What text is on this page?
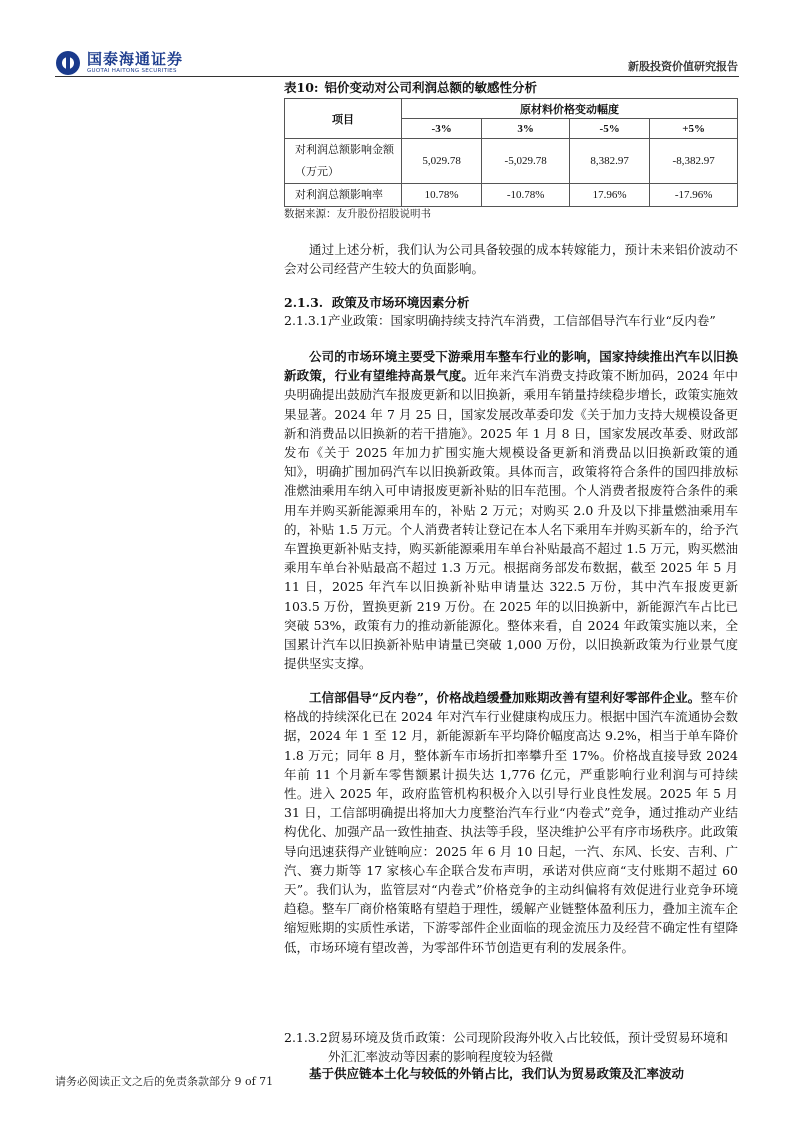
国泰海通证券
GUOTAI HAITONG SECURITIES	新股投资价值研究报告
表10: 铝价变动对公司利润总额的敏感性分析
项目	原材料价格变动幅度			
	-3%	3%	-5%	+5%
对利润总额影响金额（万元）	5,029.78	-5,029.78	8,382.97	-8,382.97
对利润总额影响率	10.78%	-10.78%	17.96%	-17.96%
数据来源：友升股份招股说明书
通过上述分析，我们认为公司具备较强的成本转嫁能力，预计未来铝价波动不会对公司经营产生较大的负面影响。
2.1.3. 政策及市场环境因素分析
2.1.3.1.
产业政策：国家明确持续支持汽车消费，工信部倡导汽车行业“反内卷”
公司的市场环境主要受下游乘用车整车行业的影响，国家持续推出汽车以旧换新政策，行业有望维持高景气度。近年来汽车消费支持政策不断加码，2024 年中央明确提出鼓励汽车报废更新和以旧换新，乘用车销量持续稳步增长，政策实施效果显著。2024 年 7 月 25 日，国家发展改革委印发《关于加力支持大规模设备更新和消费品以旧换新的若干措施》。2025 年 1 月 8 日，国家发展改革委、财政部发布《关于 2025 年加力扩围实施大规模设备更新和消费品以旧换新政策的通知》，明确扩围加码汽车以旧换新政策。具体而言，政策将符合条件的国四排放标准燃油乘用车纳入可申请报废更新补贴的旧车范围。个人消费者报废符合条件的乘用车并购买新能源乘用车的，补贴 2 万元；对购买 2.0 升及以下排量燃油乘用车的，补贴 1.5 万元。个人消费者转让登记在本人名下乘用车并购买新车的，给予汽车置换更新补贴支持，购买新能源乘用车单台补贴最高不超过 1.5 万元，购买燃油乘用车单台补贴最高不超过 1.3 万元。根据商务部发布数据，截至 2025 年 5 月 11 日，2025 年汽车以旧换新补贴申请量达 322.5 万份，其中汽车报废更新 103.5 万份，置换更新 219 万份。在 2025 年的以旧换新中，新能源汽车占比已突破 53%，政策有力的推动新能源化。整体来看，自 2024 年政策实施以来，全国累计汽车以旧换新补贴申请量已突破 1,000 万份，以旧换新政策为行业景气度提供坚实支撑。
工信部倡导“反内卷”，价格战趋缓叠加账期改善有望利好零部件企业。整车价格战的持续深化已在 2024 年对汽车行业健康构成压力。根据中国汽车流通协会数据，2024 年 1 至 12 月，新能源新车平均降价幅度高达 9.2%，相当于单车降价 1.8 万元；同年 8 月，整体新车市场折扣率攀升至 17%。价格战直接导致 2024 年前 11 个月新车零售额累计损失达 1,776 亿元，严重影响行业利润与可持续性。进入 2025 年，政府监管机构积极介入以引导行业良性发展。2025 年 5 月 31 日，工信部明确提出将加大力度整治汽车行业“内卷式”竞争，通过推动产业结构优化、加强产品一致性抽查、执法等手段，坚决维护公平有序市场秩序。此政策导向迅速获得产业链响应：2025 年 6 月 10 日起，一汽、东风、长安、吉利、广汽、赛力斯等 17 家核心车企联合发布声明，承诺对供应商“支付账期不超过 60 天”。我们认为，监管层对“内卷式”价格竞争的主动纠偏将有效促进行业竞争环境趋稳。整车厂商价格策略有望趋于理性，缓解产业链整体盈利压力，叠加主流车企缩短账期的实质性承诺，下游零部件企业面临的现金流压力及经营不确定性有望降低，市场环境有望改善，为零部件环节创造更有利的发展条件。
2.1.3.2.
贸易环境及货币政策：公司现阶段海外收入占比较低，预计受贸易环境和外汇汇率波动等因素的影响程度较为轻微
基于供应链本土化与较低的外销占比，我们认为贸易政策及汇率波动
请务必阅读正文之后的免责条款部分 9 of 71
